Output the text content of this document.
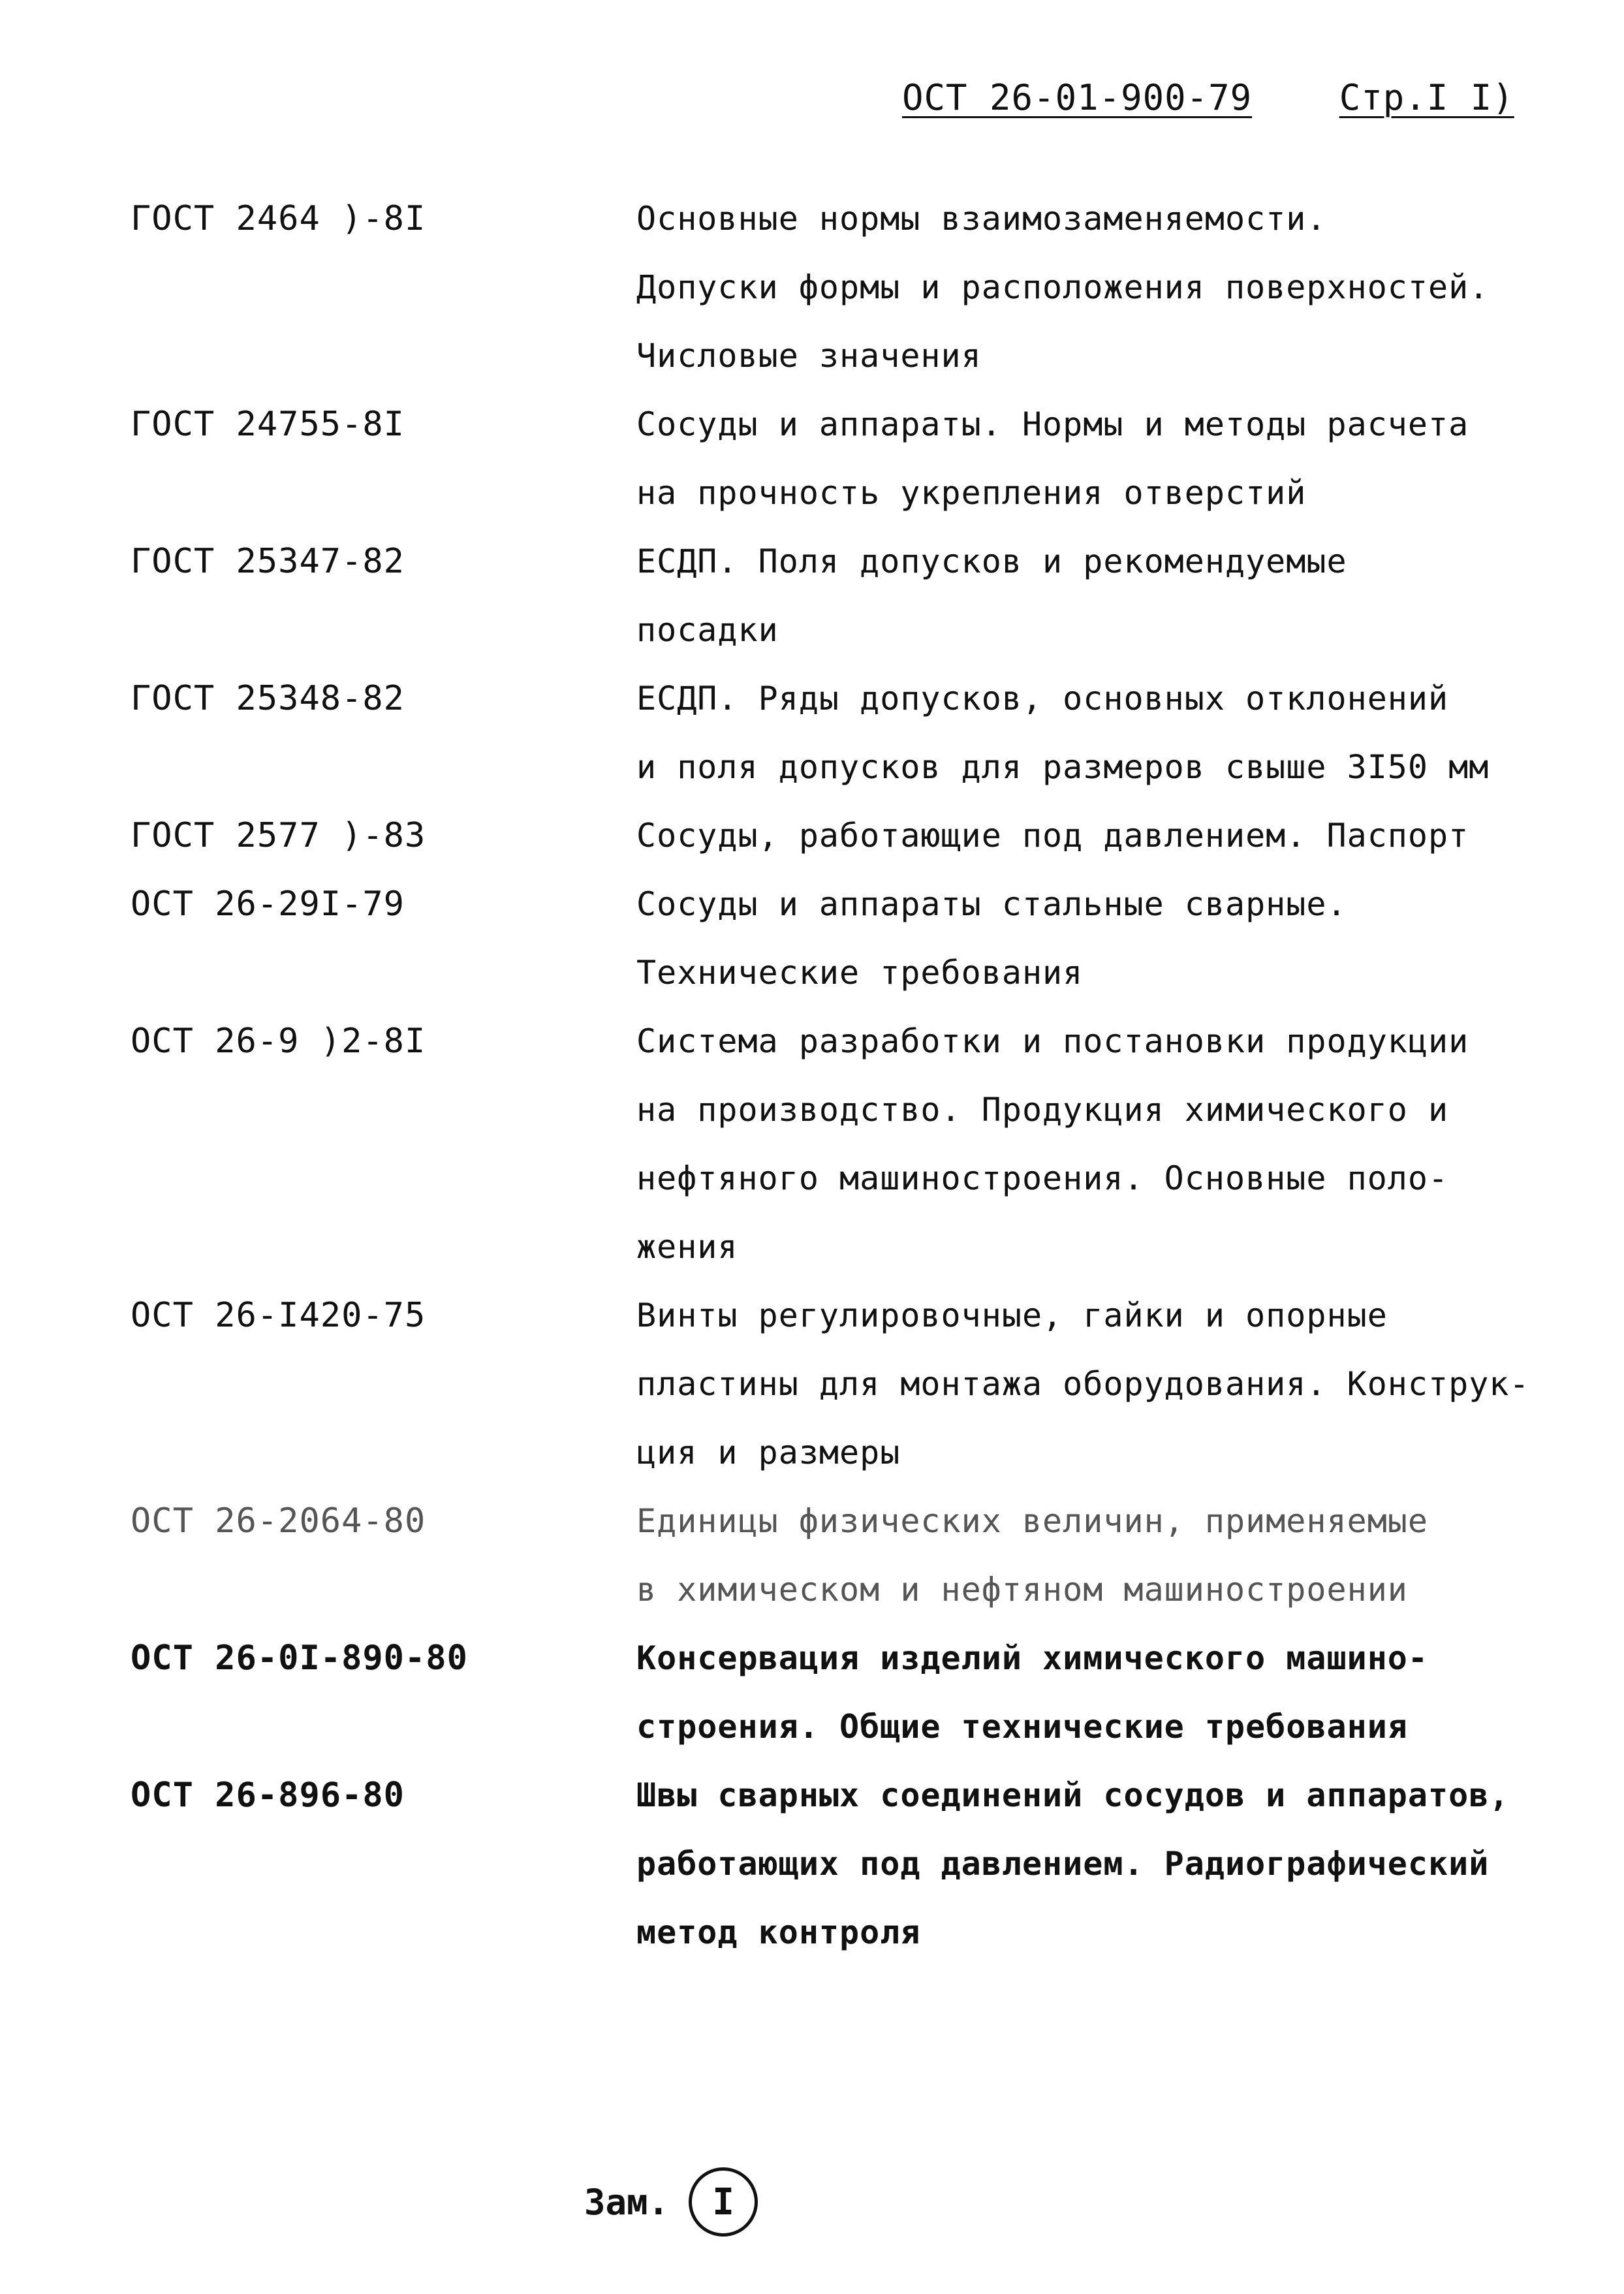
ОСТ 26-01-900-79 Стр.I I)
ГОСТ 2464 )-8I	Основные нормы взаимозаменяемости.
Допуски формы и расположения поверхностей.
Числовые значения
ГОСТ 24755-8I	Сосуды и аппараты. Нормы и методы расчета
на прочность укрепления отверстий
ГОСТ 25347-82	ЕСДП. Поля допусков и рекомендуемые
посадки
ГОСТ 25348-82	ЕСДП. Ряды допусков, основных отклонений
и поля допусков для размеров свыше 3I50 мм
ГОСТ 2577 )-83	Сосуды, работающие под давлением. Паспорт
ОСТ 26-29I-79	Сосуды и аппараты стальные сварные.
Технические требования
ОСТ 26-9 )2-8I	Система разработки и постановки продукции
на производство. Продукция химического и
нефтяного машиностроения. Основные поло-
жения
ОСТ 26-I420-75	Винты регулировочные, гайки и опорные
пластины для монтажа оборудования. Конструк-
ция и размеры
ОСТ 26-2064-80	Единицы физических величин, применяемые
в химическом и нефтяном машиностроении
ОСТ 26-0I-890-80	Консервация изделий химического машино-
строения. Общие технические требования
ОСТ 26-896-80	Швы сварных соединений сосудов и аппаратов,
работающих под давлением. Радиографический
метод контроля
Зам. I
